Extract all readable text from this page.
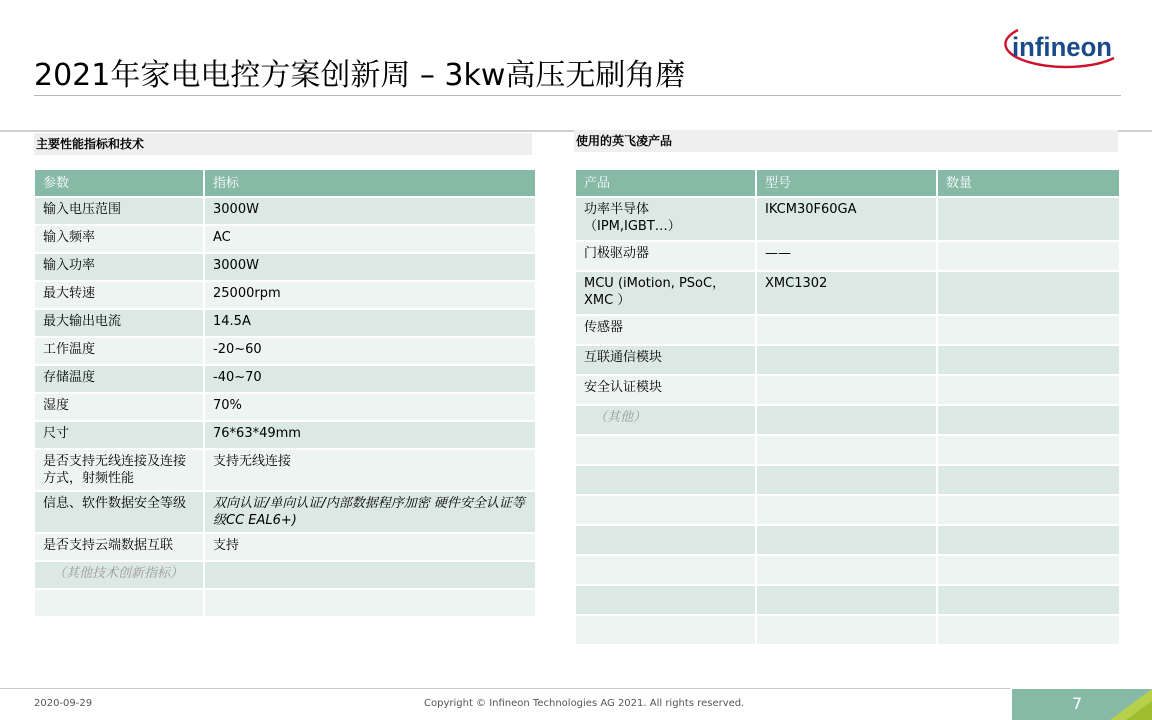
2021年家电电控方案创新周 – 3kw高压无刷角磨
infineon
主要性能指标和技术	使用的英飞凌产品
参数	指标
输入电压范围	3000W
输入频率	AC
输入功率	3000W
最大转速	25000rpm
最大输出电流	14.5A
工作温度	-20~60
存储温度	-40~70
湿度	70%
尺寸	76*63*49mm
是否支持无线连接及连接方式，射频性能	支持无线连接
信息、软件数据安全等级	双向认证/单向认证/内部数据程序加密 硬件安全认证等级CC EAL6+)
是否支持云端数据互联	支持
（其他技术创新指标）	

产品	型号	数量
功率半导体
（IPM,IGBT…）	IKCM30F60GA	
门极驱动器	——	
MCU (iMotion, PSoC，XMC ）	XMC1302	
传感器		
互联通信模块		
安全认证模块		
（其他）		

2020-09-29	Copyright © Infineon Technologies AG 2021. All rights reserved.	7
